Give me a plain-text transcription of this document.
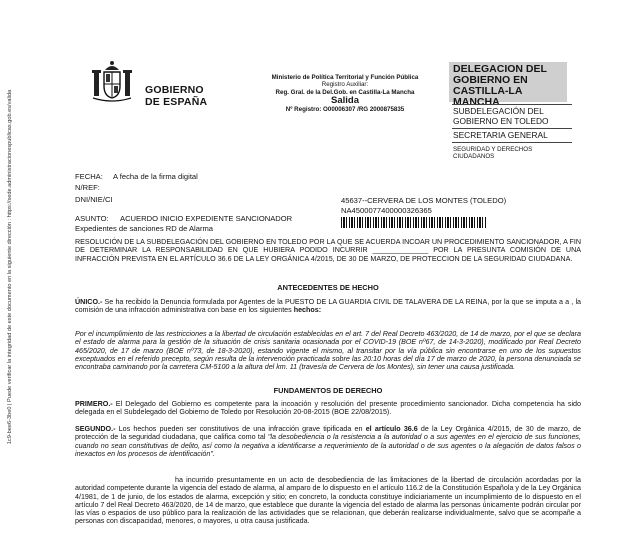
1c9-bee6-3be0 | Puede verificar la integridad de este documento en la siguiente dirección : https://sede.administracionespublicas.gob.es/valida	GOBIERNO
DE ESPAÑA
Ministerio de Política Territorial y Función Pública
Registro Auxiliar:
Reg. Gral. de la Del.Gob. en Castilla-La Mancha
Salida
Nº Registro: O00006307 /RG 2000875835
DELEGACION DEL
GOBIERNO EN
CASTILLA-LA MANCHA
SUBDELEGACIÓN DEL
GOBIERNO EN TOLEDO
SECRETARIA GENERAL
SEGURIDAD Y DERECHOS
CIUDADANOS
FECHA: A fecha de la firma digital
N/REF:
DNI/NIE/CI	45637--CERVERA DE LOS MONTES (TOLEDO)
NA4500077400000326365
ASUNTO: ACUERDO INICIO EXPEDIENTE SANCIONADOR
Expedientes de sanciones RD de Alarma
RESOLUCIÓN DE LA SUBDELEGACIÓN DEL GOBIERNO EN TOLEDO POR LA QUE SE ACUERDA INCOAR UN PROCEDIMIENTO SANCIONADOR, A FIN DE DETERMINAR LA RESPONSABILIDAD EN QUE HUBIERA PODIDO INCURRIR ______________ POR LA PRESUNTA COMISIÓN DE UNA INFRACCIÓN PREVISTA EN EL ARTÍCULO 36.6 DE LA LEY ORGÁNICA 4/2015, DE 30 DE MARZO, DE PROTECCION DE LA SEGURIDAD CIUDADANA.
ANTECEDENTES DE HECHO
ÚNICO.- Se ha recibido la Denuncia formulada por Agentes de la PUESTO DE LA GUARDIA CIVIL DE TALAVERA DE LA REINA, por la que se imputa a a , la comisión de una infracción administrativa con base en los siguientes hechos:
Por el incumplimiento de las restricciones a la libertad de circulación establecidas en el art. 7 del Real Decreto 463/2020, de 14 de marzo, por el que se declara el estado de alarma para la gestión de la situación de crisis sanitaria ocasionada por el COVID-19 (BOE nº67, de 14-3-2020), modificado por Real Decreto 465/2020, de 17 de marzo (BOE nº73, de 18-3-2020), estando vigente el mismo, al transitar por la vía pública sin encontrarse en uno de los supuestos exceptuados en el referido precepto, según resulta de la intervención practicada sobre las 20:10 horas del día 17 de marzo de 2020, la persona denunciada se encontraba caminando por la carretera CM-5100 a la altura del km. 11 (travesía de Cervera de los Montes), sin tener una causa justificada.
FUNDAMENTOS DE DERECHO
PRIMERO.- El Delegado del Gobierno es competente para la incoación y resolución del presente procedimiento sancionador. Dicha competencia ha sido delegada en el Subdelegado del Gobierno de Toledo por Resolución 20-08-2015 (BOE 22/08/2015).
SEGUNDO.- Los hechos pueden ser constitutivos de una infracción grave tipificada en el artículo 36.6 de la Ley Orgánica 4/2015, de 30 de marzo, de protección de la seguridad ciudadana, que califica como tal "la desobediencia o la resistencia a la autoridad o a sus agentes en el ejercicio de sus funciones, cuando no sean constitutivas de delito, así como la negativa a identificarse a requerimiento de la autoridad o de sus agentes o la alegación de datos falsos o inexactos en los procesos de identificación".
ha incurrido presuntamente en un acto de desobediencia de las limitaciones de la libertad de circulación acordadas por la autoridad competente durante la vigencia del estado de alarma, al amparo de lo dispuesto en el artículo 116.2 de la Constitución Española y de la Ley Orgánica 4/1981, de 1 de junio, de los estados de alarma, excepción y sitio; en concreto, la conducta constituye indiciariamente un incumplimiento de lo dispuesto en el artículo 7 del Real Decreto 463/2020, de 14 de marzo, que establece que durante la vigencia del estado de alarma las personas únicamente podrán circular por las vías o espacios de uso público para la realización de las actividades que se relacionan, que deberán realizarse individualmente, salvo que se acompañe a personas con discapacidad, menores, o mayores, u otra causa justificada.
